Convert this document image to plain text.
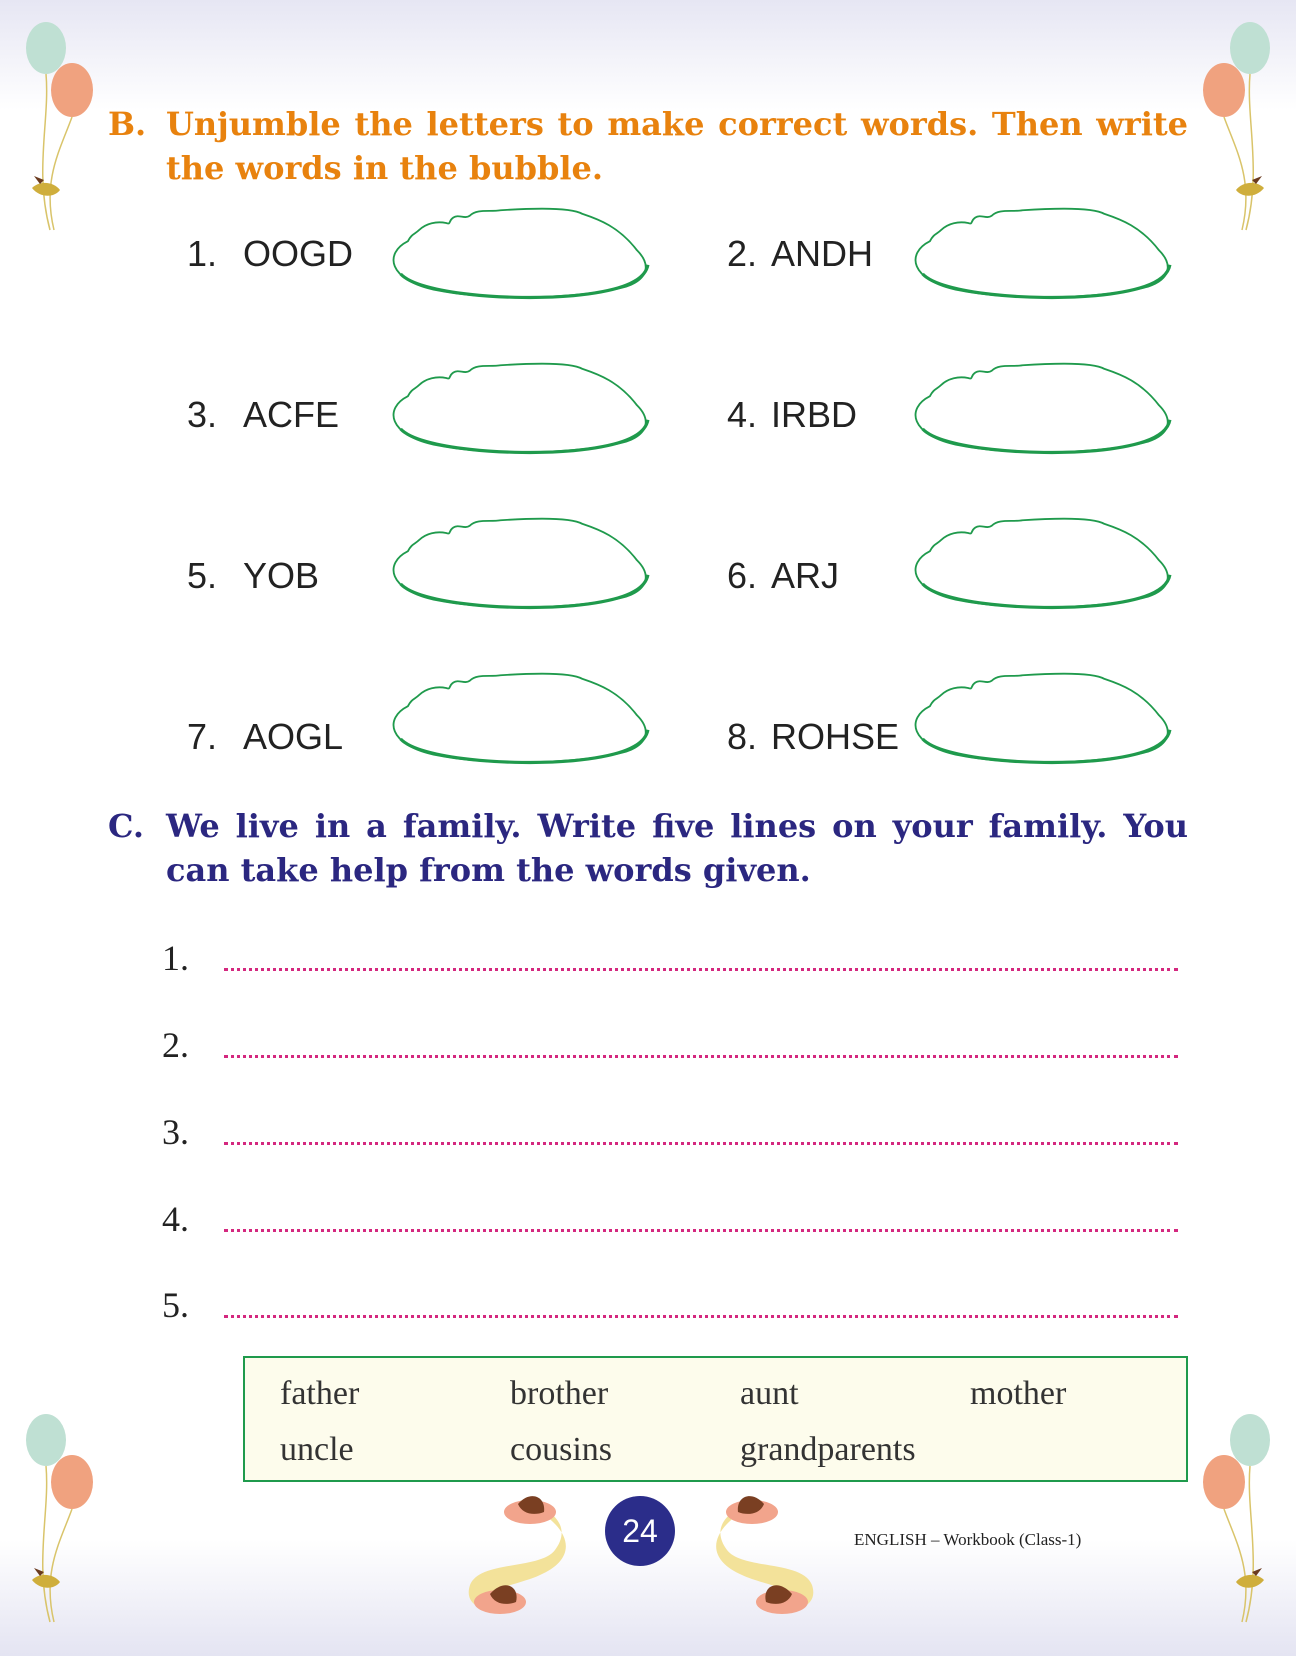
B. Unjumble the letters to make correct words. Then write the words in the bubble.
1. OOGD	2. ANDH
3. ACFE	4. IRBD
5. YOB	6. ARJ
7. AOGL	8. ROHSE
C. We live in a family. Write five lines on your family. You can take help from the words given.
1.
2.
3.
4.
5.
father	brother	aunt	mother
uncle	cousins	grandparents
24	ENGLISH – Workbook (Class-1)
